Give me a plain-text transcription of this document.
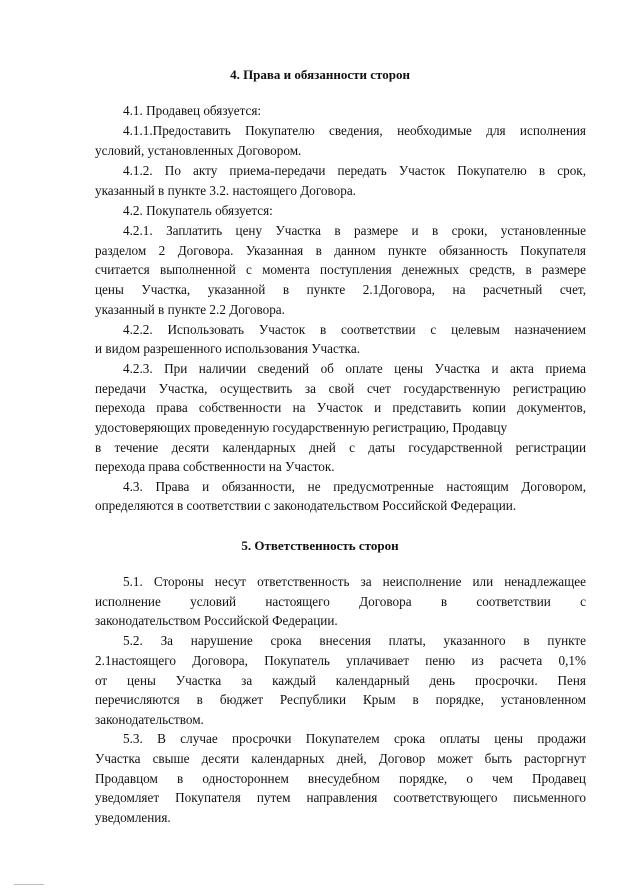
4. Права и обязанности сторон
4.1. Продавец обязуется:
4.1.1.Предоставить Покупателю сведения, необходимые для исполнения
условий, установленных Договором.
4.1.2. По акту приема-передачи передать Участок Покупателю в срок,
указанный в пункте 3.2. настоящего Договора.
4.2. Покупатель обязуется:
4.2.1. Заплатить цену Участка в размере и в сроки, установленные
разделом 2 Договора. Указанная в данном пункте обязанность Покупателя
считается выполненной с момента поступления денежных средств, в размере
цены Участка, указанной в пункте 2.1Договора, на расчетный счет,
указанный в пункте 2.2 Договора.
4.2.2. Использовать Участок в соответствии с целевым назначением
и видом разрешенного использования Участка.
4.2.3. При наличии сведений об оплате цены Участка и акта приема
передачи Участка, осуществить за свой счет государственную регистрацию
перехода права собственности на Участок и представить копии документов,
удостоверяющих проведенную государственную регистрацию, Продавцу
в течение десяти календарных дней с даты государственной регистрации
перехода права собственности на Участок.
4.3. Права и обязанности, не предусмотренные настоящим Договором,
определяются в соответствии с законодательством Российской Федерации.
5. Ответственность сторон
5.1. Стороны несут ответственность за неисполнение или ненадлежащее
исполнение условий настоящего Договора в соответствии с
законодательством Российской Федерации.
5.2. За нарушение срока внесения платы, указанного в пункте
2.1настоящего Договора, Покупатель уплачивает пеню из расчета 0,1%
от цены Участка за каждый календарный день просрочки. Пеня
перечисляются в бюджет Республики Крым в порядке, установленном
законодательством.
5.3. В случае просрочки Покупателем срока оплаты цены продажи
Участка свыше десяти календарных дней, Договор может быть расторгнут
Продавцом в одностороннем внесудебном порядке, о чем Продавец
уведомляет Покупателя путем направления соответствующего письменного
уведомления.
